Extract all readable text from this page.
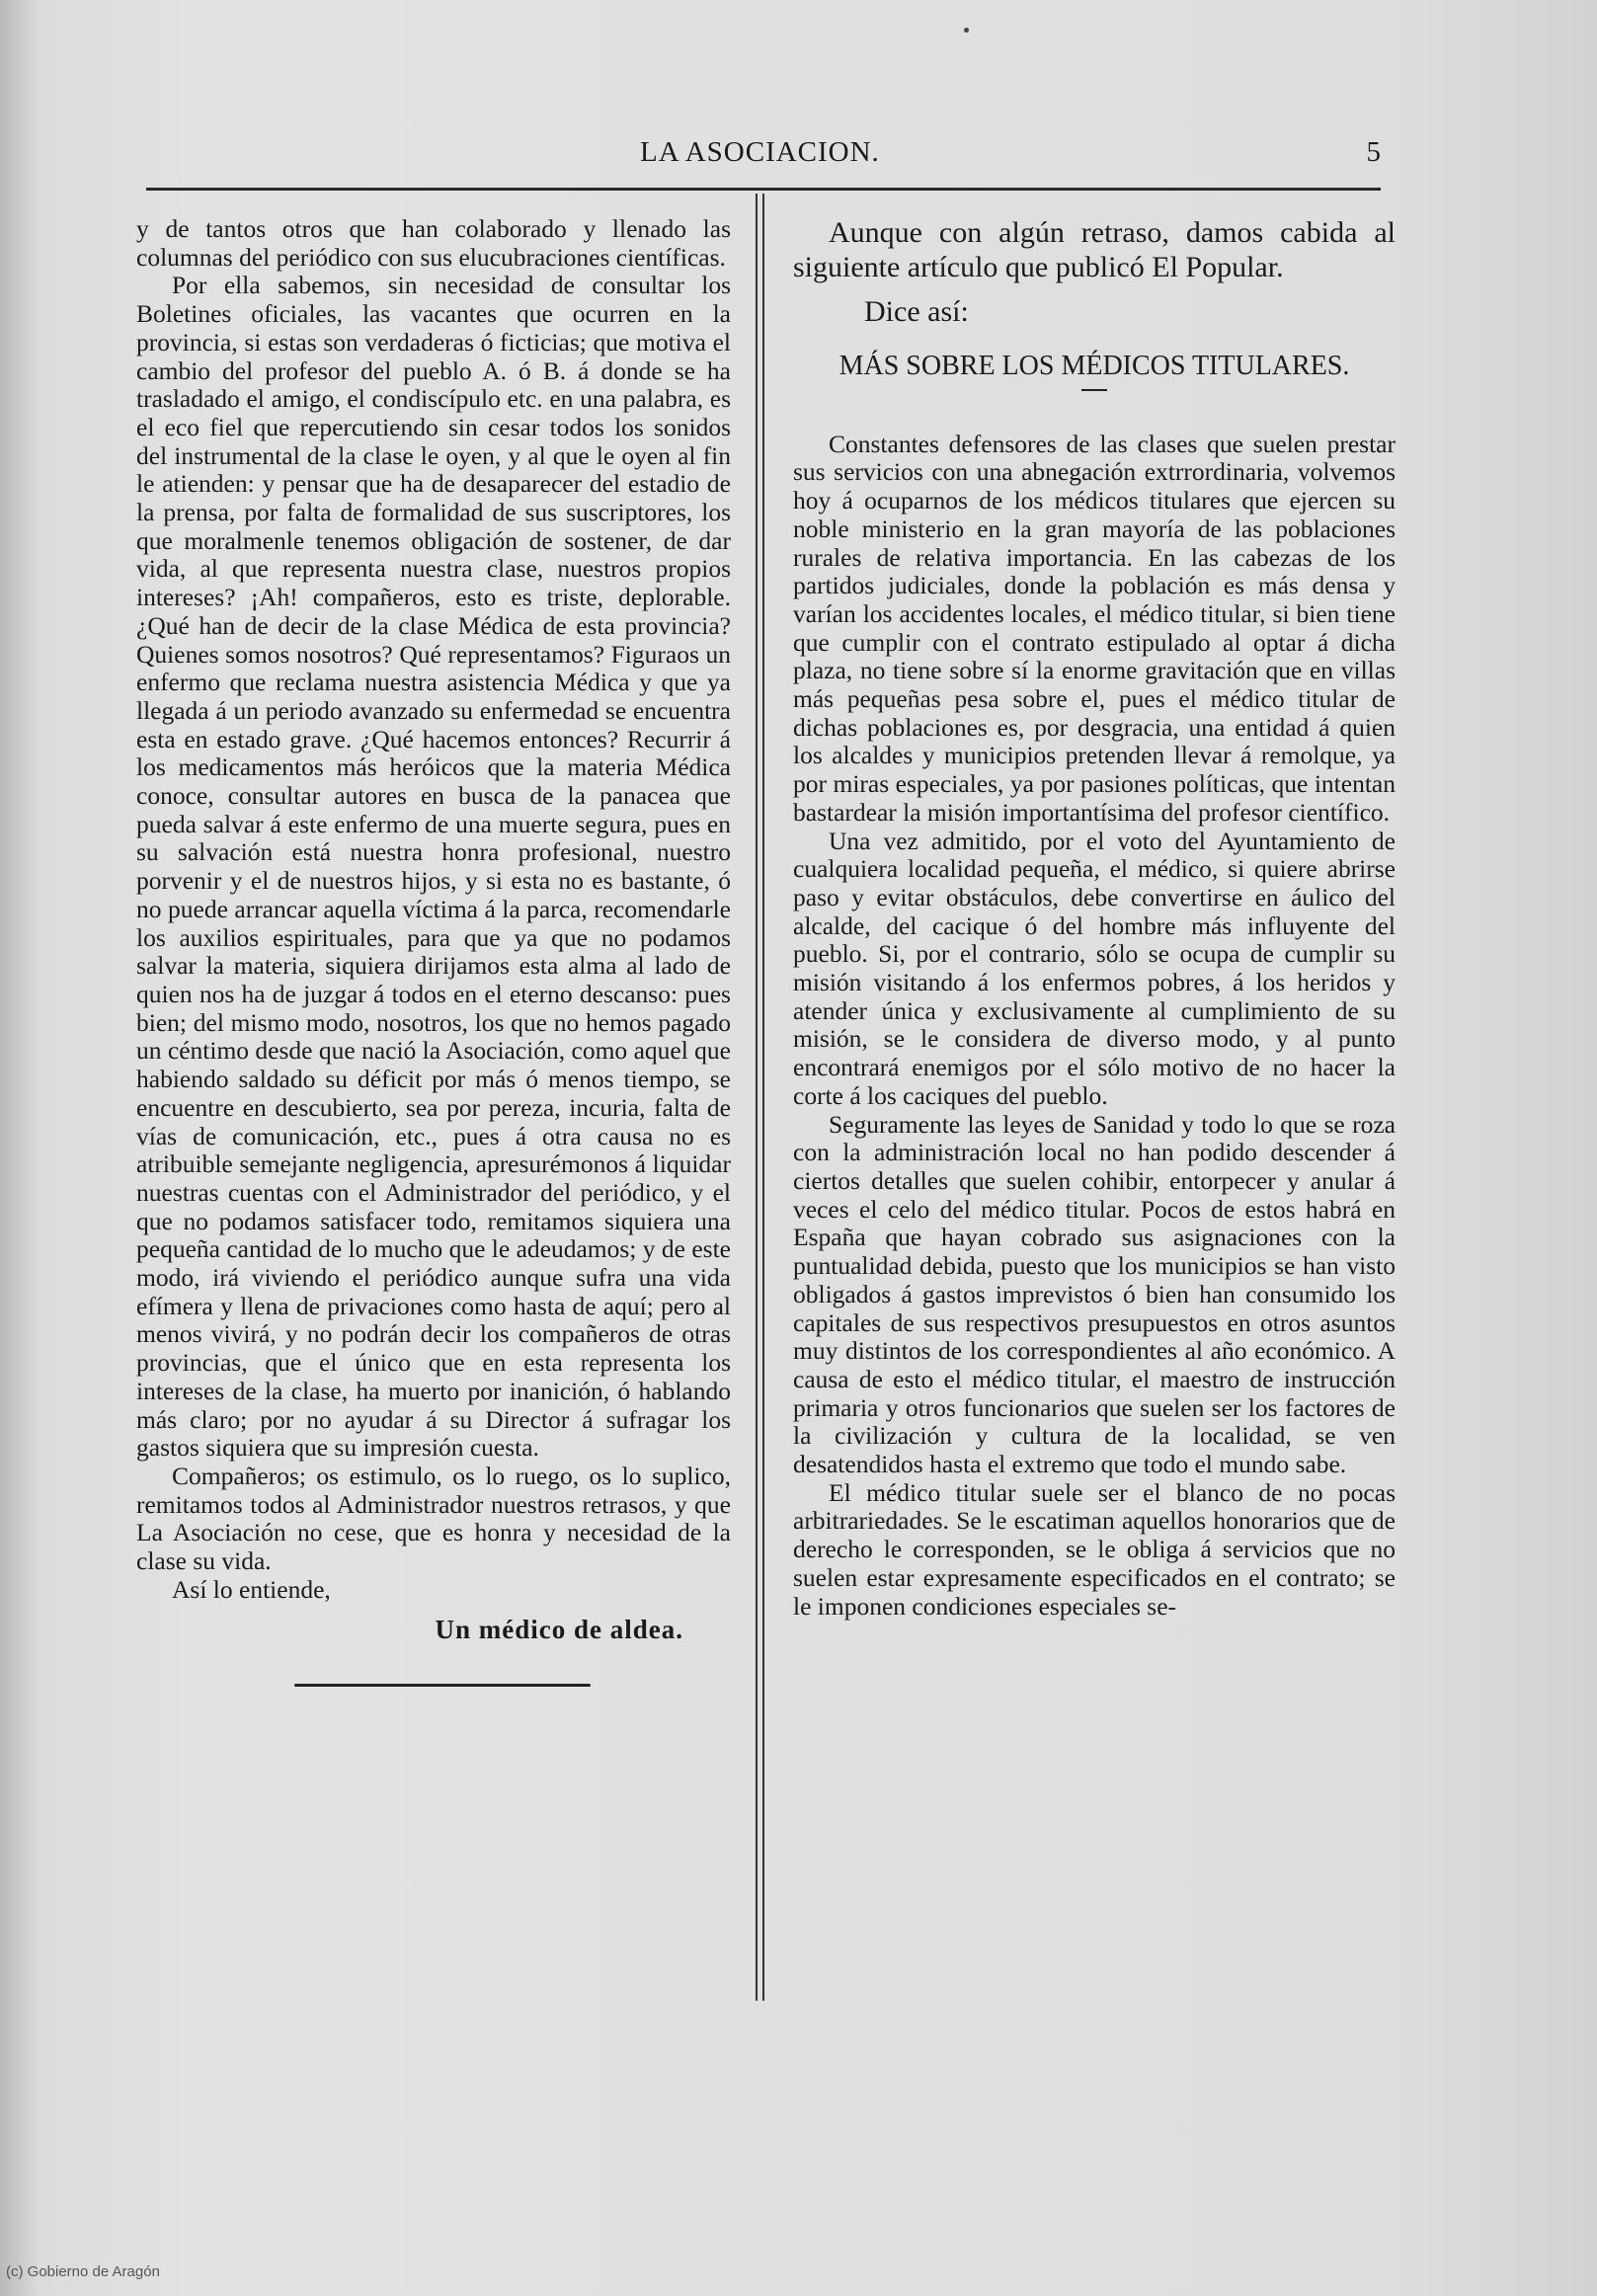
LA ASOCIACION.	5

y de tantos otros que han colaborado y llenado las columnas del periódico con sus elucubraciones científicas.

Por ella sabemos, sin necesidad de consultar los Boletines oficiales, las vacantes que ocurren en la provincia, si estas son verdaderas ó ficticias; que motiva el cambio del profesor del pueblo A. ó B. á donde se ha trasladado el amigo, el condiscípulo etc. en una palabra, es el eco fiel que repercutiendo sin cesar todos los sonidos del instrumental de la clase le oyen, y al que le oyen al fin le atienden: y pensar que ha de desaparecer del estadio de la prensa, por falta de formalidad de sus suscriptores, los que moralmenle tenemos obligación de sostener, de dar vida, al que representa nuestra clase, nuestros propios intereses? ¡Ah! compañeros, esto es triste, deplorable. ¿Qué han de decir de la clase Médica de esta provincia? Quienes somos nosotros? Qué representamos? Figuraos un enfermo que reclama nuestra asistencia Médica y que ya llegada á un periodo avanzado su enfermedad se encuentra esta en estado grave. ¿Qué hacemos entonces? Recurrir á los medicamentos más heróicos que la materia Médica conoce, consultar autores en busca de la panacea que pueda salvar á este enfermo de una muerte segura, pues en su salvación está nuestra honra profesional, nuestro porvenir y el de nuestros hijos, y si esta no es bastante, ó no puede arrancar aquella víctima á la parca, recomendarle los auxilios espirituales, para que ya que no podamos salvar la materia, siquiera dirijamos esta alma al lado de quien nos ha de juzgar á todos en el eterno descanso: pues bien; del mismo modo, nosotros, los que no hemos pagado un céntimo desde que nació la Asociación, como aquel que habiendo saldado su déficit por más ó menos tiempo, se encuentre en descubierto, sea por pereza, incuria, falta de vías de comunicación, etc., pues á otra causa no es atribuible semejante negligencia, apresurémonos á liquidar nuestras cuentas con el Administrador del periódico, y el que no podamos satisfacer todo, remitamos siquiera una pequeña cantidad de lo mucho que le adeudamos; y de este modo, irá viviendo el periódico aunque sufra una vida efímera y llena de privaciones como hasta de aquí; pero al menos vivirá, y no podrán decir los compañeros de otras provincias, que el único que en esta representa los intereses de la clase, ha muerto por inanición, ó hablando más claro; por no ayudar á su Director á sufragar los gastos siquiera que su impresión cuesta.

Compañeros; os estimulo, os lo ruego, os lo suplico, remitamos todos al Administrador nuestros retrasos, y que La Asociación no cese, que es honra y necesidad de la clase su vida.

Así lo entiende,

Un médico de aldea.

Aunque con algún retraso, damos cabida al siguiente artículo que publicó El Popular.

Dice así:

MÁS SOBRE LOS MÉDICOS TITULARES.

Constantes defensores de las clases que suelen prestar sus servicios con una abnegación extrrordinaria, volvemos hoy á ocuparnos de los médicos titulares que ejercen su noble ministerio en la gran mayoría de las poblaciones rurales de relativa importancia. En las cabezas de los partidos judiciales, donde la población es más densa y varían los accidentes locales, el médico titular, si bien tiene que cumplir con el contrato estipulado al optar á dicha plaza, no tiene sobre sí la enorme gravitación que en villas más pequeñas pesa sobre el, pues el médico titular de dichas poblaciones es, por desgracia, una entidad á quien los alcaldes y municipios pretenden llevar á remolque, ya por miras especiales, ya por pasiones políticas, que intentan bastardear la misión importantísima del profesor científico.

Una vez admitido, por el voto del Ayuntamiento de cualquiera localidad pequeña, el médico, si quiere abrirse paso y evitar obstáculos, debe convertirse en áulico del alcalde, del cacique ó del hombre más influyente del pueblo. Si, por el contrario, sólo se ocupa de cumplir su misión visitando á los enfermos pobres, á los heridos y atender única y exclusivamente al cumplimiento de su misión, se le considera de diverso modo, y al punto encontrará enemigos por el sólo motivo de no hacer la corte á los caciques del pueblo.

Seguramente las leyes de Sanidad y todo lo que se roza con la administración local no han podido descender á ciertos detalles que suelen cohibir, entorpecer y anular á veces el celo del médico titular. Pocos de estos habrá en España que hayan cobrado sus asignaciones con la puntualidad debida, puesto que los municipios se han visto obligados á gastos imprevistos ó bien han consumido los capitales de sus respectivos presupuestos en otros asuntos muy distintos de los correspondientes al año económico. A causa de esto el médico titular, el maestro de instrucción primaria y otros funcionarios que suelen ser los factores de la civilización y cultura de la localidad, se ven desatendidos hasta el extremo que todo el mundo sabe.

El médico titular suele ser el blanco de no pocas arbitrariedades. Se le escatiman aquellos honorarios que de derecho le corresponden, se le obliga á servicios que no suelen estar expresamente especificados en el contrato; se le imponen condiciones especiales se-

(c) Gobierno de Aragón
